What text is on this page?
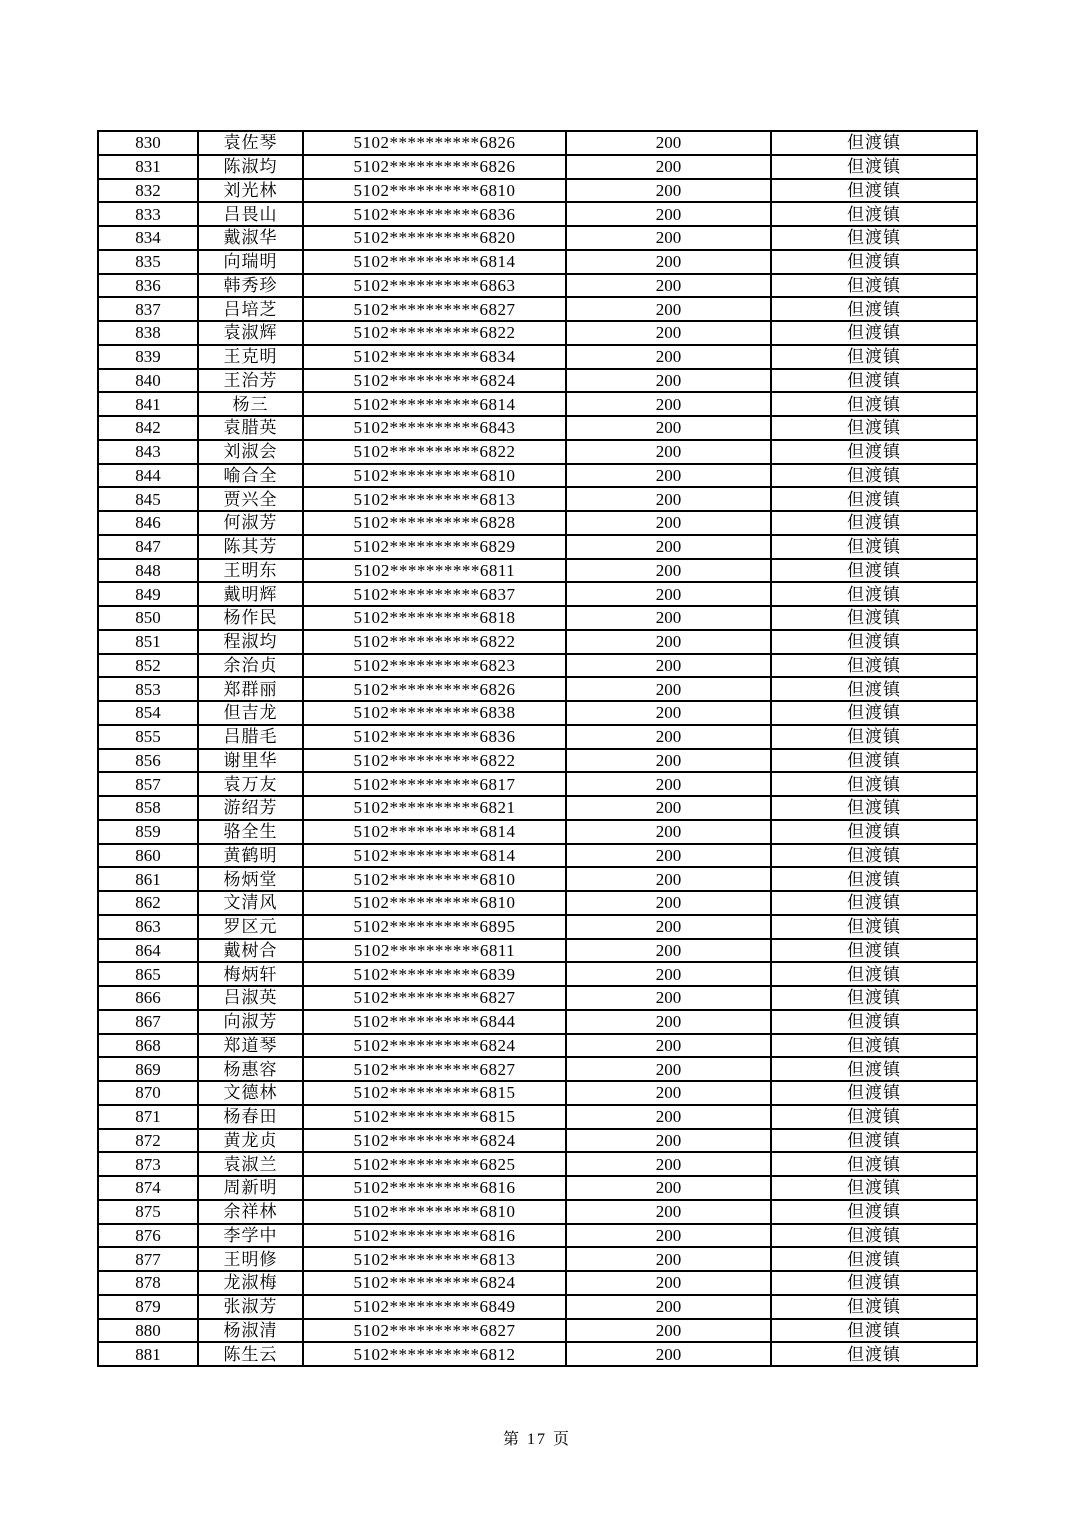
830	袁佐琴	5102**********6826	200	但渡镇
831	陈淑均	5102**********6826	200	但渡镇
832	刘光林	5102**********6810	200	但渡镇
833	吕畏山	5102**********6836	200	但渡镇
834	戴淑华	5102**********6820	200	但渡镇
835	向瑞明	5102**********6814	200	但渡镇
836	韩秀珍	5102**********6863	200	但渡镇
837	吕培芝	5102**********6827	200	但渡镇
838	袁淑辉	5102**********6822	200	但渡镇
839	王克明	5102**********6834	200	但渡镇
840	王治芳	5102**********6824	200	但渡镇
841	杨三	5102**********6814	200	但渡镇
842	袁腊英	5102**********6843	200	但渡镇
843	刘淑会	5102**********6822	200	但渡镇
844	喻合全	5102**********6810	200	但渡镇
845	贾兴全	5102**********6813	200	但渡镇
846	何淑芳	5102**********6828	200	但渡镇
847	陈其芳	5102**********6829	200	但渡镇
848	王明东	5102**********6811	200	但渡镇
849	戴明辉	5102**********6837	200	但渡镇
850	杨作民	5102**********6818	200	但渡镇
851	程淑均	5102**********6822	200	但渡镇
852	余治贞	5102**********6823	200	但渡镇
853	郑群丽	5102**********6826	200	但渡镇
854	但吉龙	5102**********6838	200	但渡镇
855	吕腊毛	5102**********6836	200	但渡镇
856	谢里华	5102**********6822	200	但渡镇
857	袁万友	5102**********6817	200	但渡镇
858	游绍芳	5102**********6821	200	但渡镇
859	骆全生	5102**********6814	200	但渡镇
860	黄鹤明	5102**********6814	200	但渡镇
861	杨炳堂	5102**********6810	200	但渡镇
862	文清风	5102**********6810	200	但渡镇
863	罗区元	5102**********6895	200	但渡镇
864	戴树合	5102**********6811	200	但渡镇
865	梅炳轩	5102**********6839	200	但渡镇
866	吕淑英	5102**********6827	200	但渡镇
867	向淑芳	5102**********6844	200	但渡镇
868	郑道琴	5102**********6824	200	但渡镇
869	杨惠容	5102**********6827	200	但渡镇
870	文德林	5102**********6815	200	但渡镇
871	杨春田	5102**********6815	200	但渡镇
872	黄龙贞	5102**********6824	200	但渡镇
873	袁淑兰	5102**********6825	200	但渡镇
874	周新明	5102**********6816	200	但渡镇
875	余祥林	5102**********6810	200	但渡镇
876	李学中	5102**********6816	200	但渡镇
877	王明修	5102**********6813	200	但渡镇
878	龙淑梅	5102**********6824	200	但渡镇
879	张淑芳	5102**********6849	200	但渡镇
880	杨淑清	5102**********6827	200	但渡镇
881	陈生云	5102**********6812	200	但渡镇
第 17 页
